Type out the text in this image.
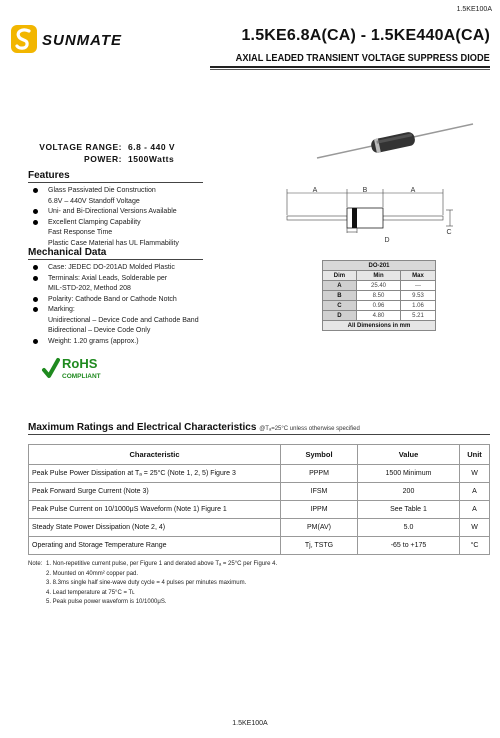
1.5KE100A
SUNMATE	1.5KE6.8A(CA) - 1.5KE440A(CA)
AXIAL LEADED TRANSIENT VOLTAGE SUPPRESS DIODE
VOLTAGE RANGE: 6.8 - 440 V
POWER: 1500Watts
Features
Glass Passivated Die Construction
6.8V – 440V Standoff Voltage
Uni- and Bi-Directional Versions Available
Excellent Clamping Capability
Fast Response Time
Plastic Case Material has UL Flammability
A	B	A
D
C
Mechanical Data
Case: JEDEC DO-201AD Molded Plastic
Terminals: Axial Leads, Solderable per
MIL-STD-202, Method 208
Polarity: Cathode Band or Cathode Notch
Marking:
Unidirectional – Device Code and Cathode Band
Bidirectional – Device Code Only
Weight: 1.20 grams (approx.)
RoHS
COMPLIANT
DO-201		
Dim	Min	Max
A	25.40	---
B	8.50	9.53
C	0.96	1.06
D	4.80	5.21
All Dimensions in mm		
Maximum Ratings and Electrical Characteristics @Tₐ=25°C unless otherwise specified
Characteristic	Symbol	Value	Unit
Peak Pulse Power Dissipation at Tₐ = 25°C (Note 1, 2, 5) Figure 3	PPPM	1500 Minimum	W
Peak Forward Surge Current (Note 3)	IFSM	200	A
Peak Pulse Current on 10/1000μS Waveform (Note 1) Figure 1	IPPM	See Table 1	A
Steady State Power Dissipation (Note 2, 4)	PM(AV)	5.0	W
Operating and Storage Temperature Range	Tj, TSTG	-65 to +175	°C
Note: 1. Non-repetitive current pulse, per Figure 1 and derated above Tₐ = 25°C per Figure 4.
2. Mounted on 40mm² copper pad.
3. 8.3ms single half sine-wave duty cycle = 4 pulses per minutes maximum.
4. Lead temperature at 75°C = Tʟ
5. Peak pulse power waveform is 10/1000μS.
1.5KE100A
